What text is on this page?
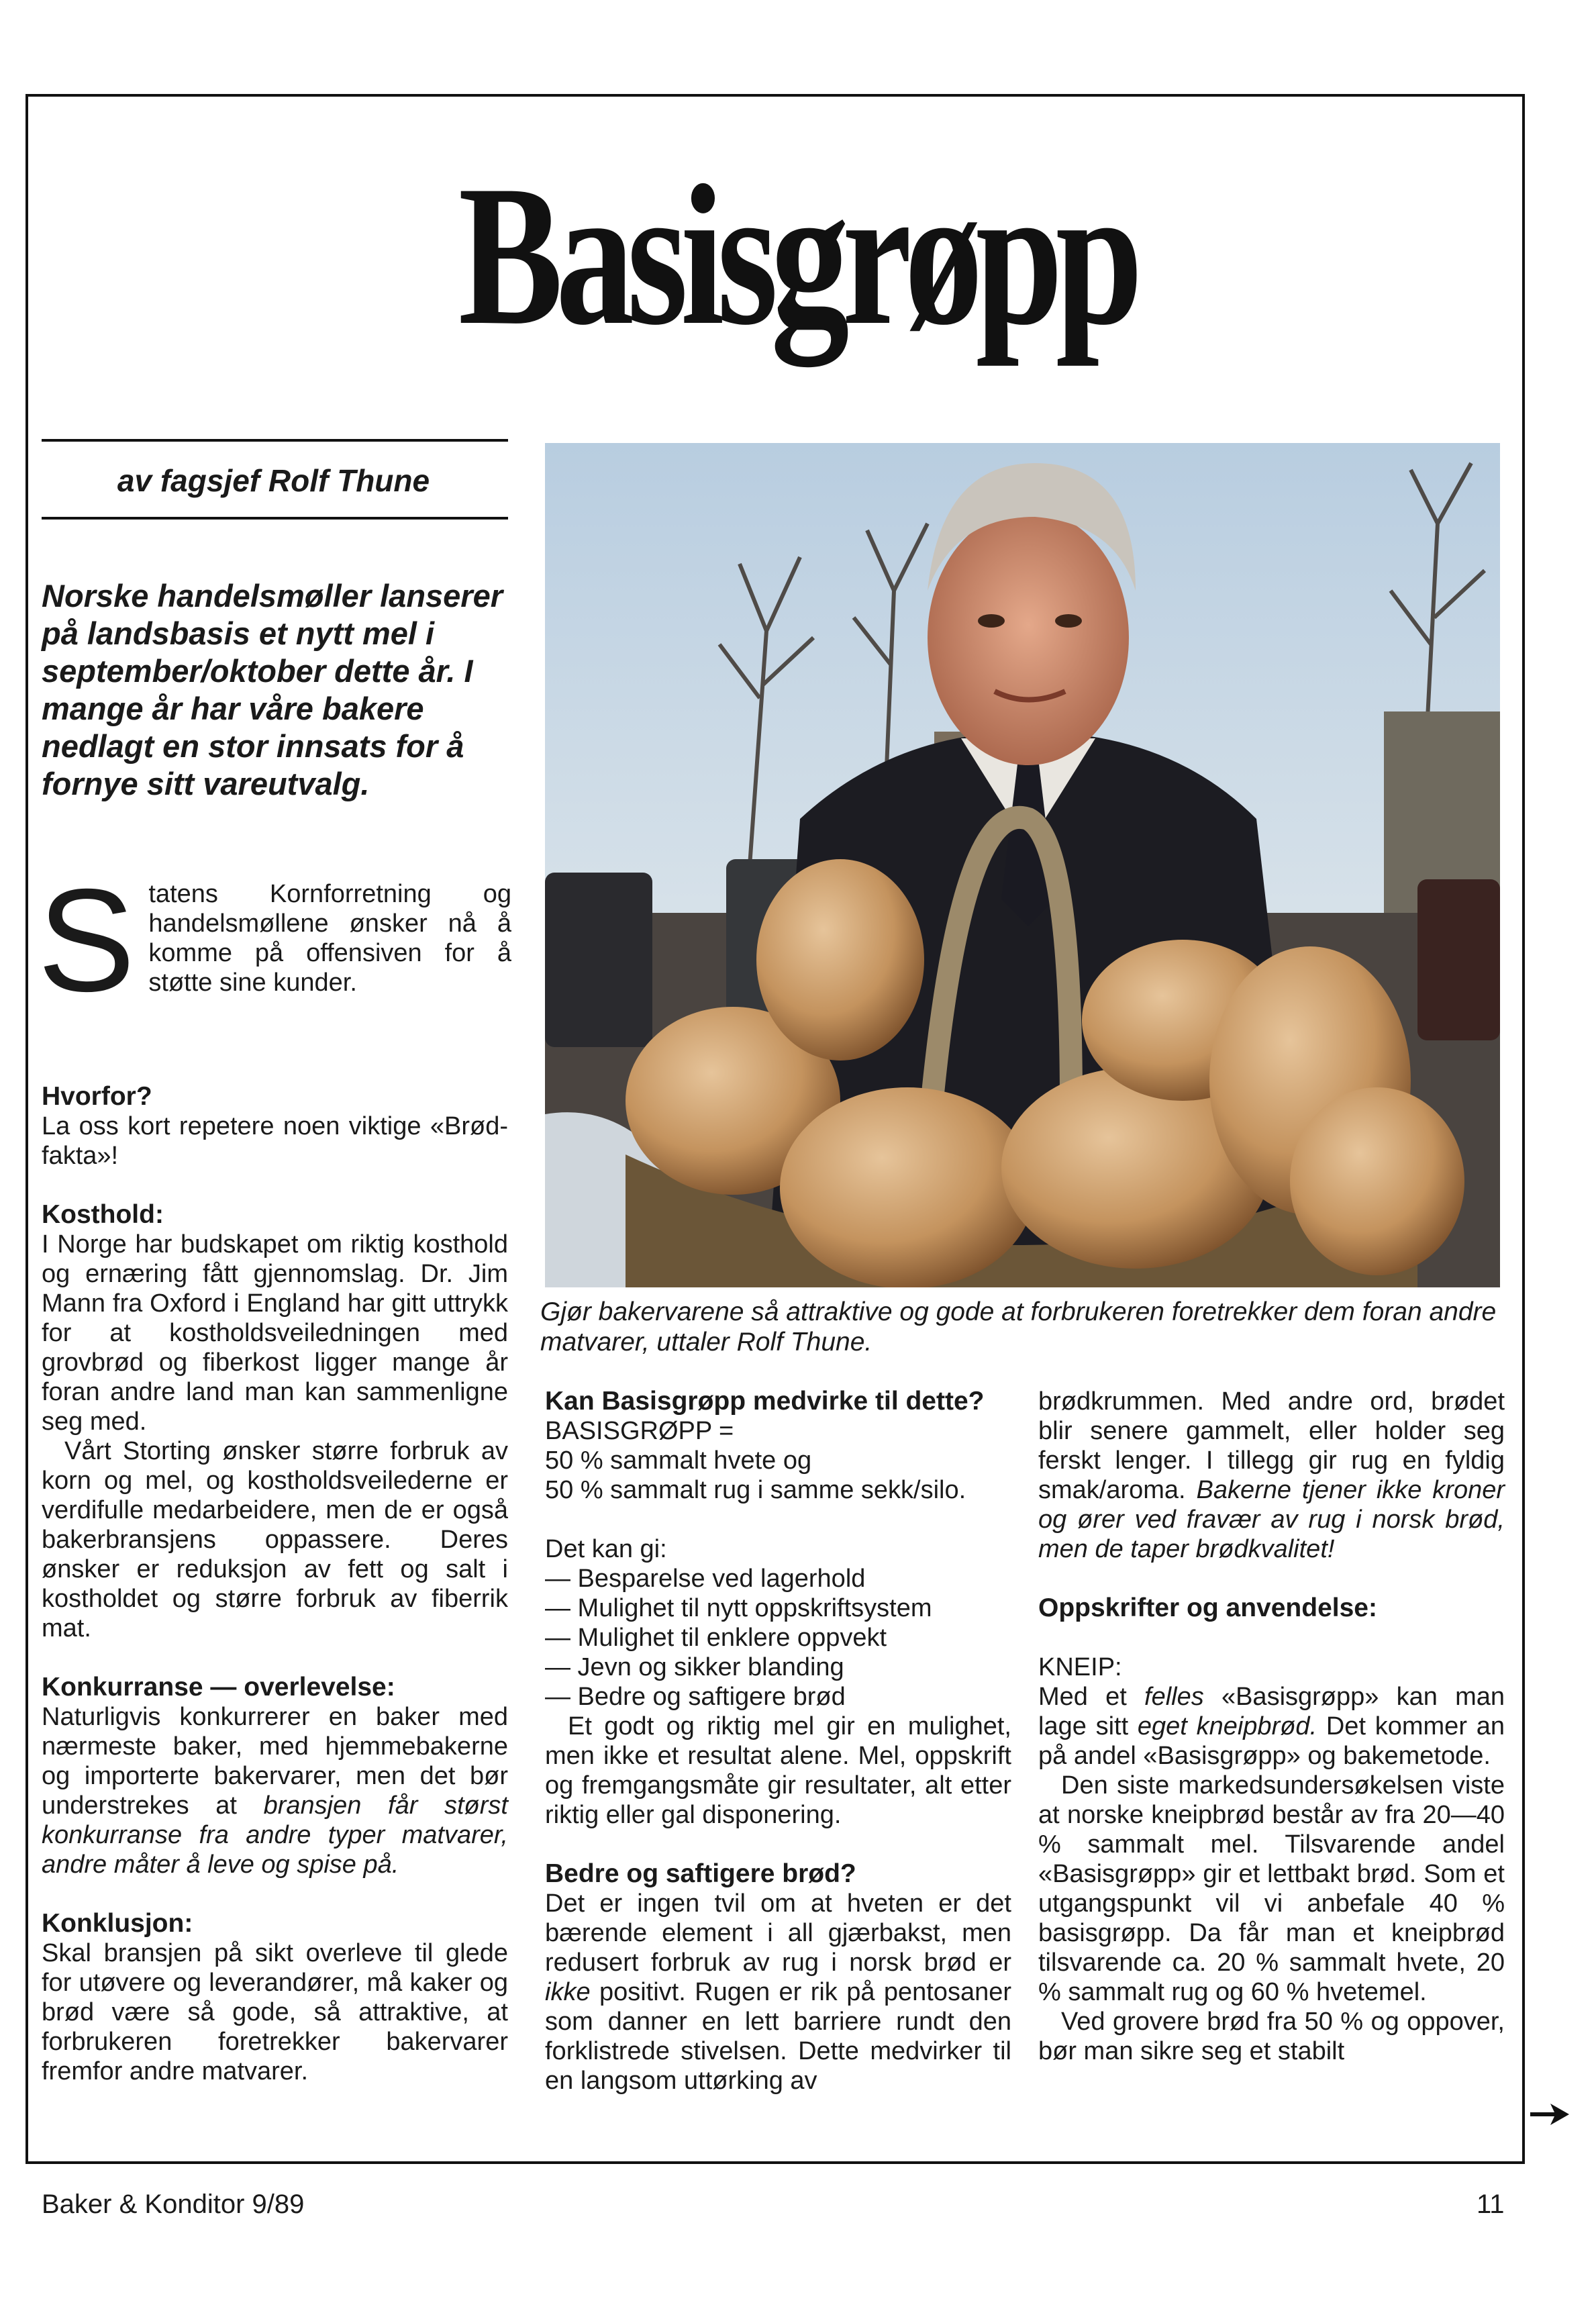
Basisgrøpp
av fagsjef Rolf Thune
Norske handelsmøller lanserer på landsbasis et nytt mel i september/oktober dette år. I mange år har våre bakere nedlagt en stor innsats for å fornye sitt vareutvalg.
Statens Kornforretning og handelsmøllene ønsker nå å komme på offensiven for å støtte sine kunder.

Hvorfor?

La oss kort repetere noen viktige «Brød-fakta»!

Kosthold:

I Norge har budskapet om riktig kosthold og ernæring fått gjennomslag. Dr. Jim Mann fra Oxford i England har gitt uttrykk for at kostholdsveiledningen med grovbrød og fiberkost ligger mange år foran andre land man kan sammenligne seg med.

Vårt Storting ønsker større forbruk av korn og mel, og kostholdsveilederne er verdifulle medarbeidere, men de er også bakerbransjens oppassere. Deres ønsker er reduksjon av fett og salt i kostholdet og større forbruk av fiberrik mat.

Konkurranse — overlevelse:

Naturligvis konkurrerer en baker med nærmeste baker, med hjemmebakerne og importerte bakervarer, men det bør understrekes at bransjen får størst konkurranse fra andre typer matvarer, andre måter å leve og spise på.

Konklusjon:

Skal bransjen på sikt overleve til glede for utøvere og leverandører, må kaker og brød være så gode, så attraktive, at forbrukeren foretrekker bakervarer fremfor andre matvarer.

Gjør bakervarene så attraktive og gode at forbrukeren foretrekker dem foran andre matvarer, uttaler Rolf Thune.

Kan Basisgrøpp medvirke til dette?

BASISGRØPP =

50 % sammalt hvete og

50 % sammalt rug i samme sekk/silo.

Det kan gi:

— Besparelse ved lagerhold

— Mulighet til nytt oppskriftsystem

— Mulighet til enklere oppvekt

— Jevn og sikker blanding

— Bedre og saftigere brød

Et godt og riktig mel gir en mulighet, men ikke et resultat alene. Mel, oppskrift og fremgangsmåte gir resultater, alt etter riktig eller gal disponering.

Bedre og saftigere brød?

Det er ingen tvil om at hveten er det bærende element i all gjærbakst, men redusert forbruk av rug i norsk brød er ikke positivt. Rugen er rik på pentosaner som danner en lett barriere rundt den forklistrede stivelsen. Dette medvirker til en langsom uttørking av

brødkrummen. Med andre ord, brødet blir senere gammelt, eller holder seg ferskt lenger. I tillegg gir rug en fyldig smak/aroma. Bakerne tjener ikke kroner og ører ved fravær av rug i norsk brød, men de taper brødkvalitet!

Oppskrifter og anvendelse:

KNEIP:

Med et felles «Basisgrøpp» kan man lage sitt eget kneipbrød. Det kommer an på andel «Basisgrøpp» og bakemetode.

Den siste markedsundersøkelsen viste at norske kneipbrød består av fra 20—40 % sammalt mel. Tilsvarende andel «Basisgrøpp» gir et lettbakt brød. Som et utgangspunkt vil vi anbefale 40 % basisgrøpp. Da får man et kneipbrød tilsvarende ca. 20 % sammalt hvete, 20 % sammalt rug og 60 % hvetemel.

Ved grovere brød fra 50 % og oppover, bør man sikre seg et stabilt

Baker & Konditor 9/89	11
